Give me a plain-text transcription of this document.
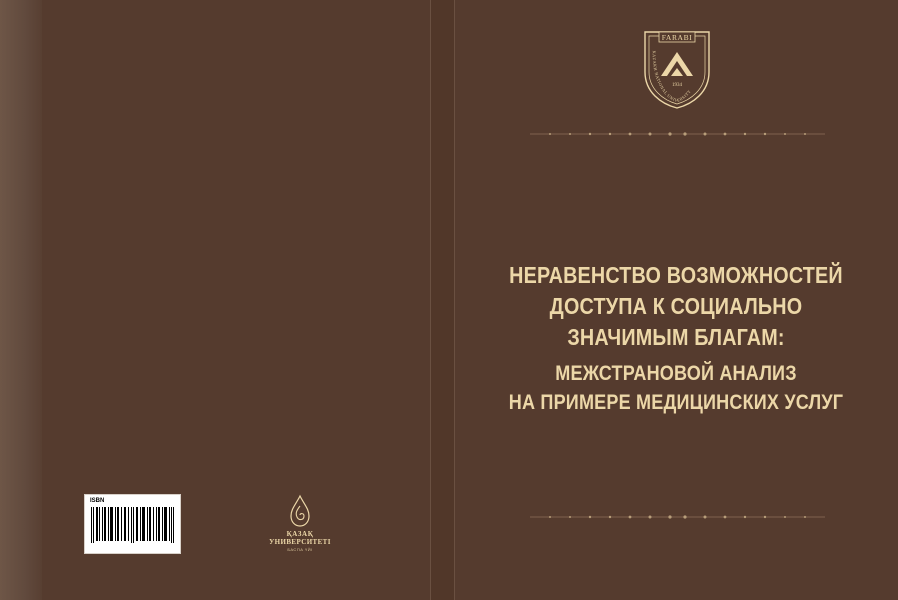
FARABI
1934
KAZAKH NATIONAL UNIVERSITY
НЕРАВЕНСТВО ВОЗМОЖНОСТЕЙ
ДОСТУПА К СОЦИАЛЬНО
ЗНАЧИМЫМ БЛАГАМ:
МЕЖСТРАНОВОЙ АНАЛИЗ
НА ПРИМЕРЕ МЕДИЦИНСКИХ УСЛУГ
ISBN
ҚАЗАҚ
УНИВЕРСИТЕТІ
БАСПА ҮЙІ
